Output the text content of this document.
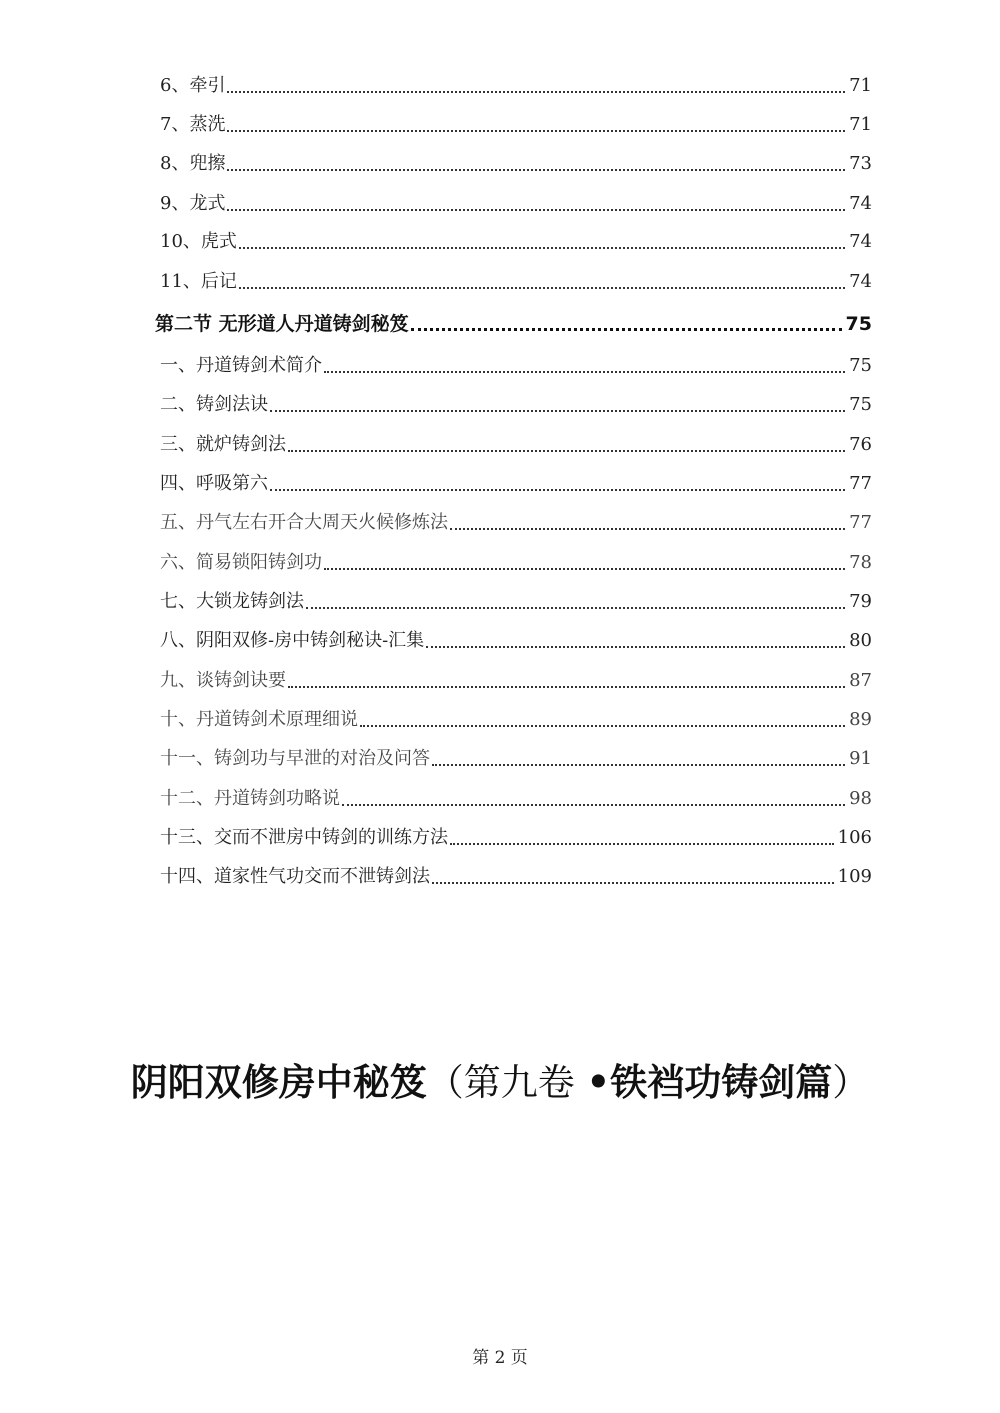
6、牵引	71
7、蒸洗	71
8、兜擦	73
9、龙式	74
10、虎式	74
11、后记	74
第二节 无形道人丹道铸剑秘笈	75
一、丹道铸剑术简介	75
二、铸剑法诀	75
三、就炉铸剑法	76
四、呼吸第六	77
五、丹气左右开合大周天火候修炼法	77
六、简易锁阳铸剑功	78
七、大锁龙铸剑法	79
八、阴阳双修-房中铸剑秘诀-汇集	80
九、谈铸剑诀要	87
十、丹道铸剑术原理细说	89
十一、铸剑功与早泄的对治及问答	91
十二、丹道铸剑功略说	98
十三、交而不泄房中铸剑的训练方法	106
十四、道家性气功交而不泄铸剑法	109
阴阳双修房中秘笈（第九卷 •铁裆功铸剑篇）
第 2 页
